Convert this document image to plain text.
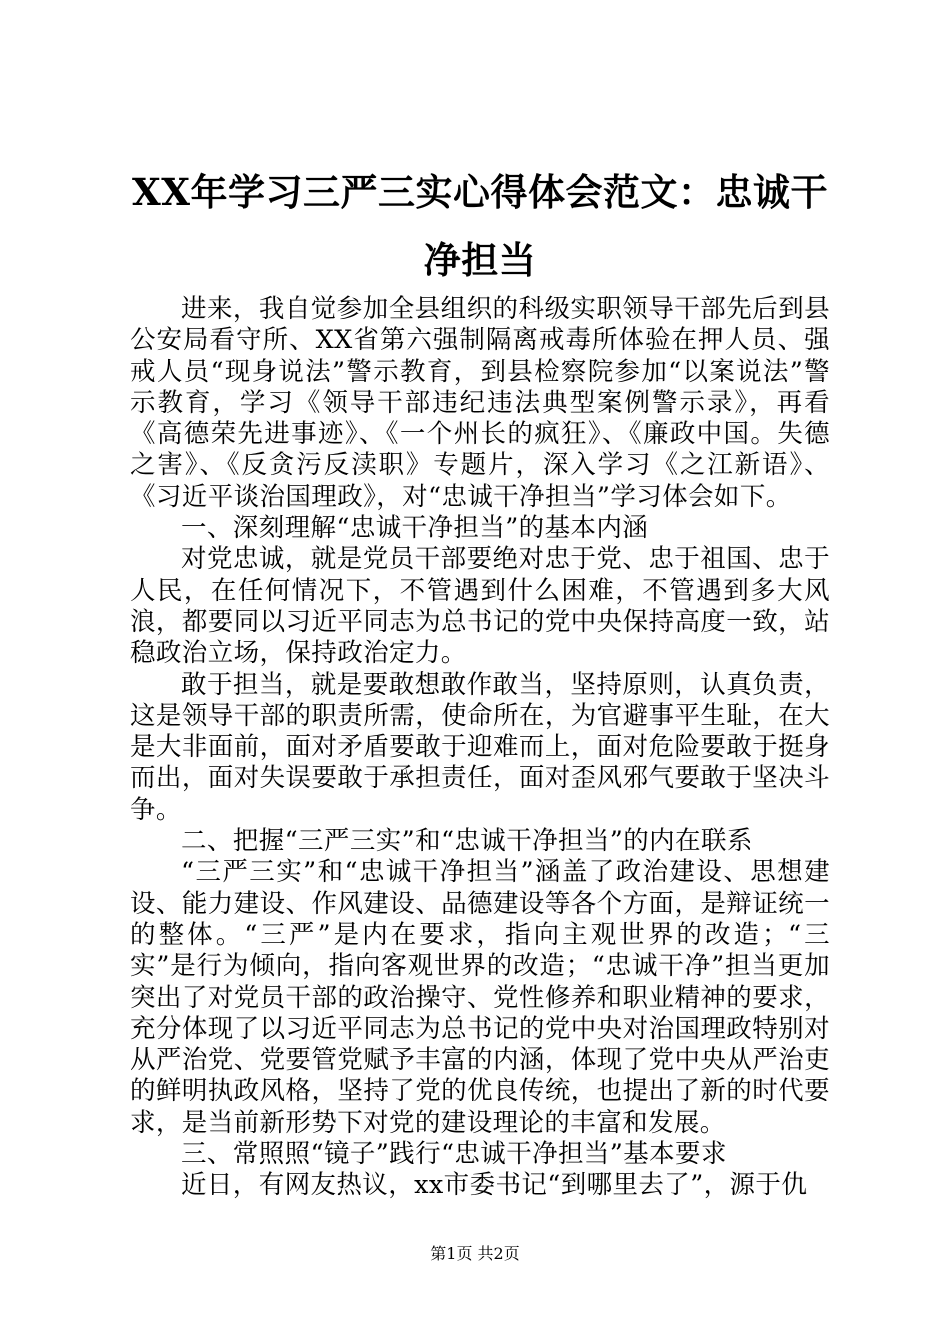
XX年学习三严三实心得体会范文：忠诚干净担当

进来，我自觉参加全县组织的科级实职领导干部先后到县公安局看守所、XX省第六强制隔离戒毒所体验在押人员、强戒人员“现身说法”警示教育，到县检察院参加“以案说法”警示教育，学习《领导干部违纪违法典型案例警示录》，再看《高德荣先进事迹》、《一个州长的疯狂》、《廉政中国。失德之害》、《反贪污反渎职》专题片，深入学习《之江新语》、《习近平谈治国理政》，对“忠诚干净担当”学习体会如下。

一、深刻理解“忠诚干净担当”的基本内涵

对党忠诚，就是党员干部要绝对忠于党、忠于祖国、忠于人民，在任何情况下，不管遇到什么困难，不管遇到多大风浪，都要同以习近平同志为总书记的党中央保持高度一致，站稳政治立场，保持政治定力。

敢于担当，就是要敢想敢作敢当，坚持原则，认真负责，这是领导干部的职责所需，使命所在，为官避事平生耻，在大是大非面前，面对矛盾要敢于迎难而上，面对危险要敢于挺身而出，面对失误要敢于承担责任，面对歪风邪气要敢于坚决斗争。

二、把握“三严三实”和“忠诚干净担当”的内在联系

“三严三实”和“忠诚干净担当”涵盖了政治建设、思想建设、能力建设、作风建设、品德建设等各个方面，是辩证统一的整体。“三严”是内在要求，指向主观世界的改造；“三实”是行为倾向，指向客观世界的改造；“忠诚干净”担当更加突出了对党员干部的政治操守、党性修养和职业精神的要求，充分体现了以习近平同志为总书记的党中央对治国理政特别对从严治党、党要管党赋予丰富的内涵，体现了党中央从严治吏的鲜明执政风格，坚持了党的优良传统，也提出了新的时代要求，是当前新形势下对党的建设理论的丰富和发展。

三、常照照“镜子”践行“忠诚干净担当”基本要求

近日，有网友热议，xx市委书记“到哪里去了”，源于仇

第1页 共2页
